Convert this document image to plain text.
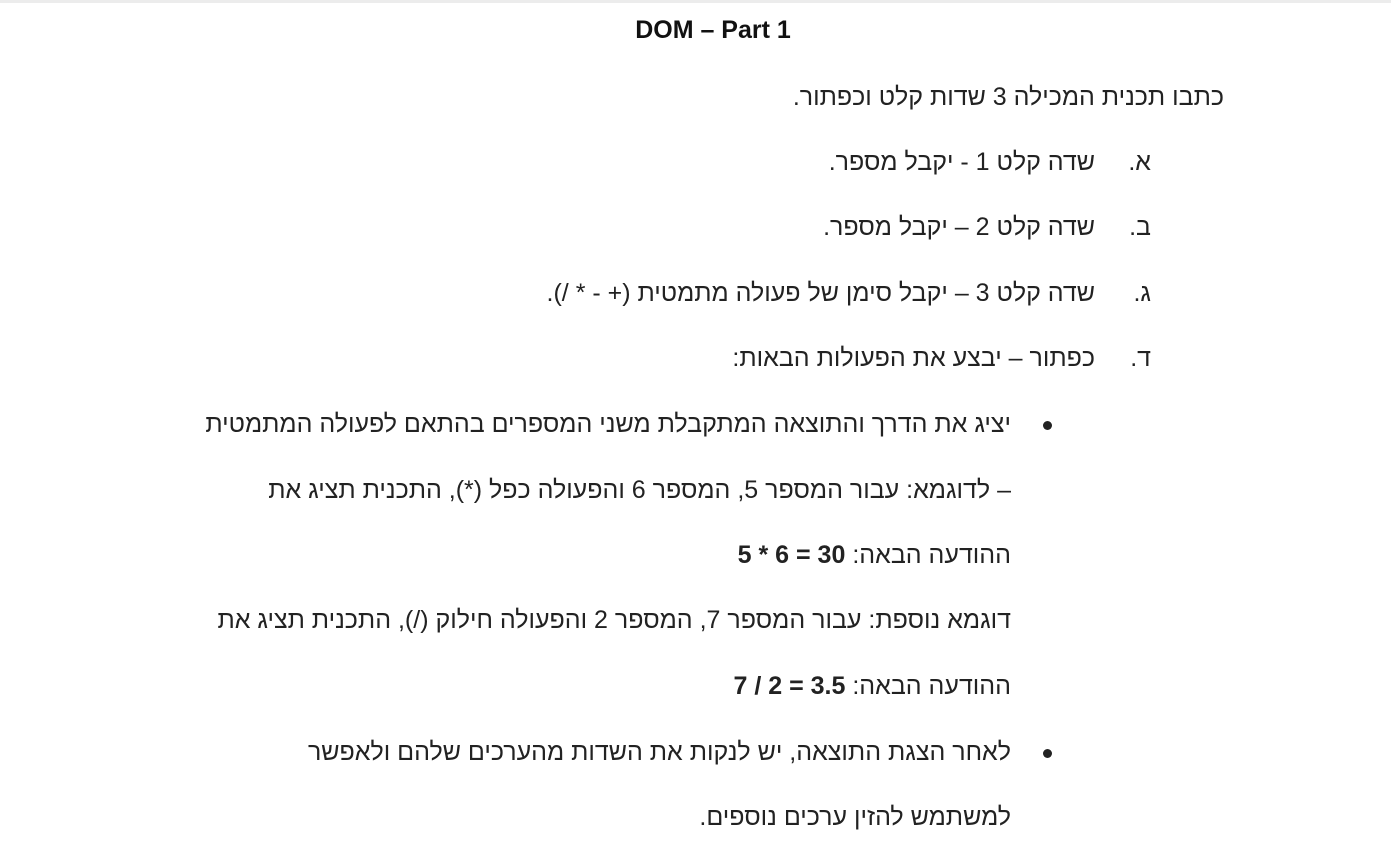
DOM – Part 1
כתבו תכנית המכילה 3 שדות קלט וכפתור.
א.
שדה קלט 1 - יקבל מספר.
ב.
שדה קלט 2 – יקבל מספר.
ג.
שדה קלט 3 – יקבל סימן של פעולה מתמטית (+ - * /).
ד.
כפתור – יבצע את הפעולות הבאות:
יציג את הדרך והתוצאה המתקבלת משני המספרים בהתאם לפעולה המתמטית
– לדוגמא: עבור המספר 5, המספר 6 והפעולה כפל (*), התכנית תציג את
ההודעה הבאה: 5 * 6 = 30
דוגמא נוספת: עבור המספר 7, המספר 2 והפעולה חילוק (/), התכנית תציג את
ההודעה הבאה: 7 / 2 = 3.5
לאחר הצגת התוצאה, יש לנקות את השדות מהערכים שלהם ולאפשר
למשתמש להזין ערכים נוספים.
